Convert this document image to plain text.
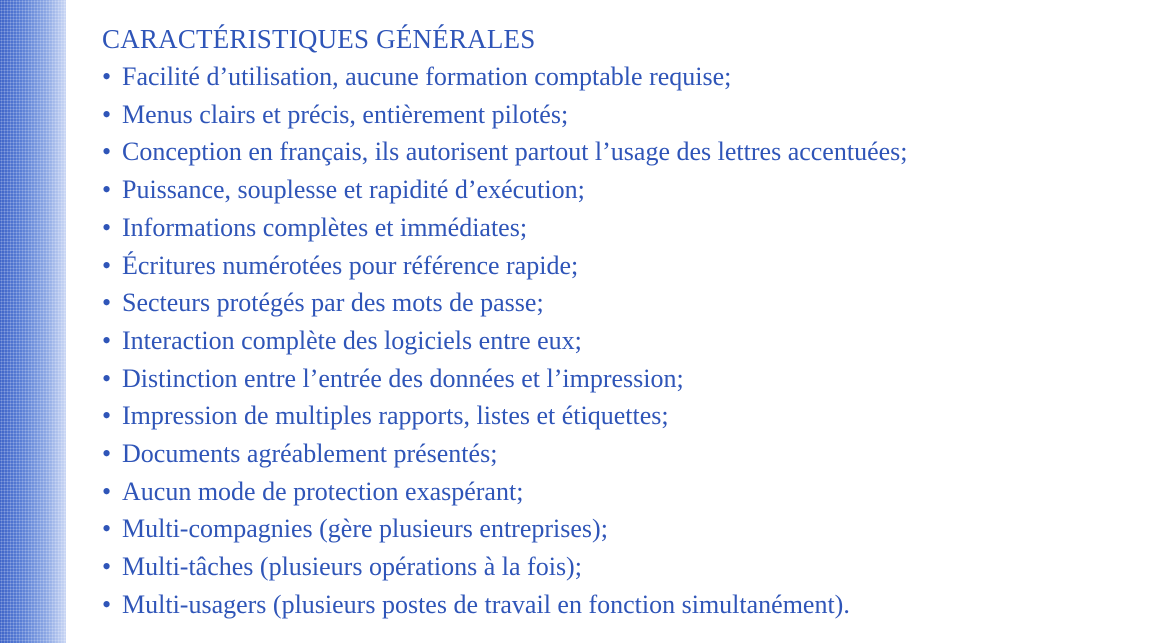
CARACTÉRISTIQUES GÉNÉRALES
• Facilité d’utilisation, aucune formation comptable requise;
• Menus clairs et précis, entièrement pilotés;
• Conception en français, ils autorisent partout l’usage des lettres accentuées;
• Puissance, souplesse et rapidité d’exécution;
• Informations complètes et immédiates;
• Écritures numérotées pour référence rapide;
• Secteurs protégés par des mots de passe;
• Interaction complète des logiciels entre eux;
• Distinction entre l’entrée des données et l’impression;
• Impression de multiples rapports, listes et étiquettes;
• Documents agréablement présentés;
• Aucun mode de protection exaspérant;
• Multi-compagnies (gère plusieurs entreprises);
• Multi-tâches (plusieurs opérations à la fois);
• Multi-usagers (plusieurs postes de travail en fonction simultanément).
